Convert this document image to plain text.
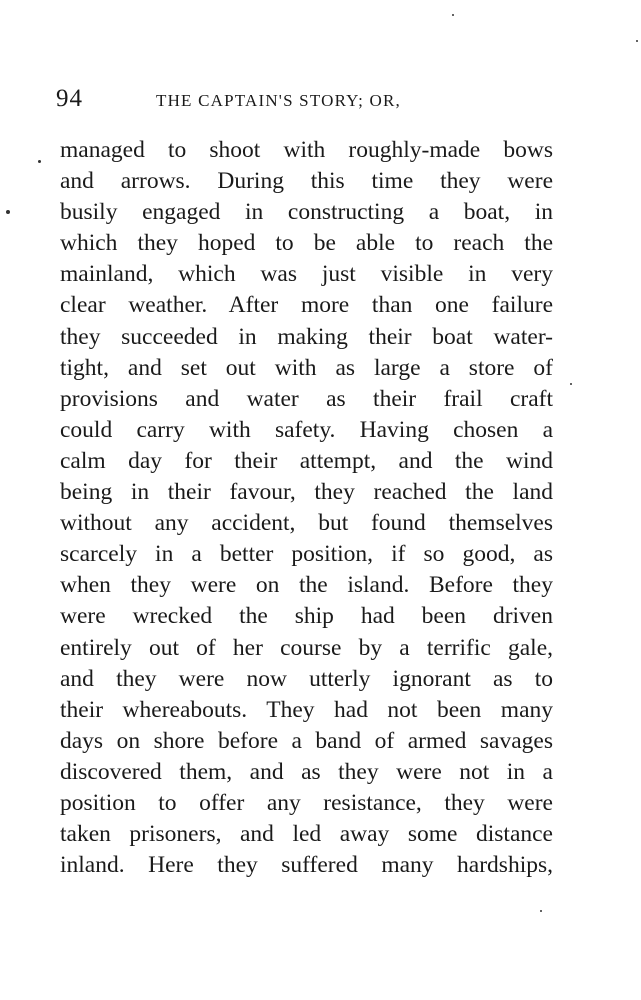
94	THE CAPTAIN'S STORY; OR,
managed to shoot with roughly-made bows
and arrows. During this time they were
busily engaged in constructing a boat, in
which they hoped to be able to reach the
mainland, which was just visible in very
clear weather. After more than one failure
they succeeded in making their boat water-
tight, and set out with as large a store of
provisions and water as their frail craft
could carry with safety. Having chosen a
calm day for their attempt, and the wind
being in their favour, they reached the land
without any accident, but found themselves
scarcely in a better position, if so good, as
when they were on the island. Before they
were wrecked the ship had been driven
entirely out of her course by a terrific gale,
and they were now utterly ignorant as to
their whereabouts. They had not been many
days on shore before a band of armed savages
discovered them, and as they were not in a
position to offer any resistance, they were
taken prisoners, and led away some distance
inland. Here they suffered many hardships,
